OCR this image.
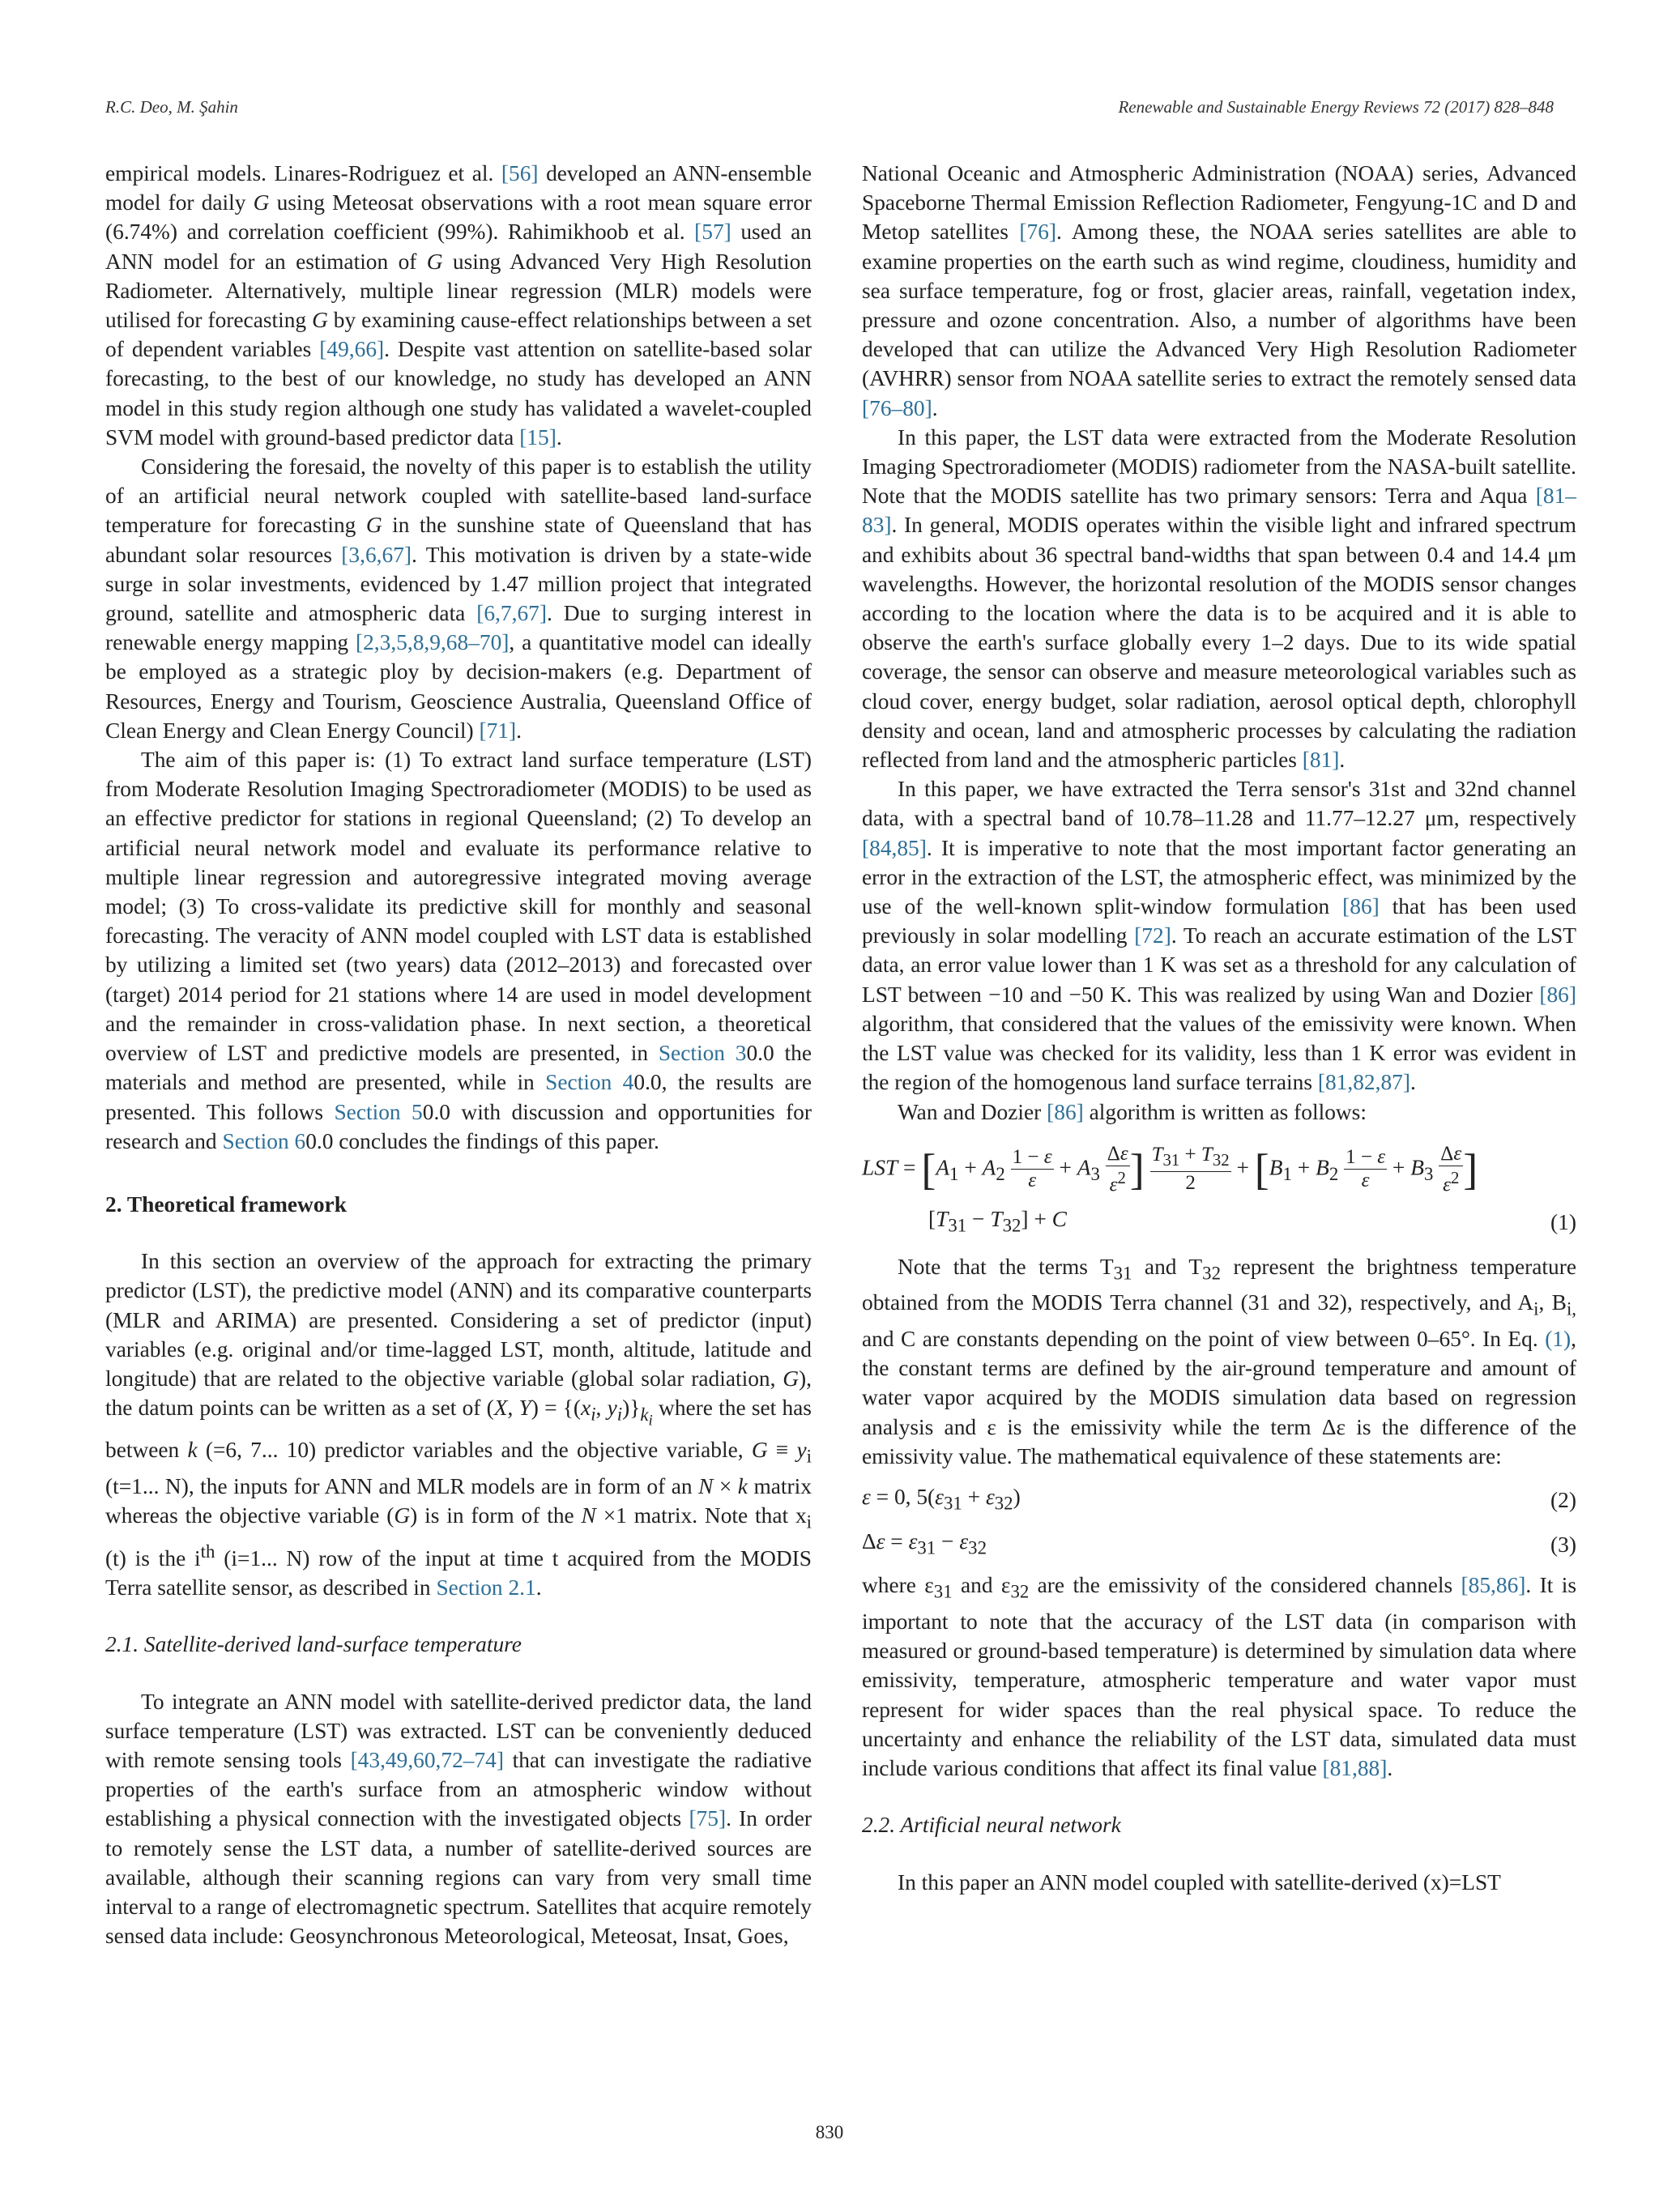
R.C. Deo, M. Şahin	Renewable and Sustainable Energy Reviews 72 (2017) 828–848

empirical models. Linares-Rodriguez et al. [56] developed an ANN-ensemble model for daily G using Meteosat observations with a root mean square error (6.74%) and correlation coefficient (99%). Rahimikhoob et al. [57] used an ANN model for an estimation of G using Advanced Very High Resolution Radiometer. Alternatively, multiple linear regression (MLR) models were utilised for forecasting G by examining cause-effect relationships between a set of dependent variables [49,66]. Despite vast attention on satellite-based solar forecasting, to the best of our knowledge, no study has developed an ANN model in this study region although one study has validated a wavelet-coupled SVM model with ground-based predictor data [15].

Considering the foresaid, the novelty of this paper is to establish the utility of an artificial neural network coupled with satellite-based land-surface temperature for forecasting G in the sunshine state of Queensland that has abundant solar resources [3,6,67]. This motivation is driven by a state-wide surge in solar investments, evidenced by 1.47 million project that integrated ground, satellite and atmospheric data [6,7,67]. Due to surging interest in renewable energy mapping [2,3,5,8,9,68–70], a quantitative model can ideally be employed as a strategic ploy by decision-makers (e.g. Department of Resources, Energy and Tourism, Geoscience Australia, Queensland Office of Clean Energy and Clean Energy Council) [71].

The aim of this paper is: (1) To extract land surface temperature (LST) from Moderate Resolution Imaging Spectroradiometer (MODIS) to be used as an effective predictor for stations in regional Queensland; (2) To develop an artificial neural network model and evaluate its performance relative to multiple linear regression and autoregressive integrated moving average model; (3) To cross-validate its predictive skill for monthly and seasonal forecasting. The veracity of ANN model coupled with LST data is established by utilizing a limited set (two years) data (2012–2013) and forecasted over (target) 2014 period for 21 stations where 14 are used in model development and the remainder in cross-validation phase. In next section, a theoretical overview of LST and predictive models are presented, in Section 30.0 the materials and method are presented, while in Section 40.0, the results are presented. This follows Section 50.0 with discussion and opportunities for research and Section 60.0 concludes the findings of this paper.

2. Theoretical framework

In this section an overview of the approach for extracting the primary predictor (LST), the predictive model (ANN) and its comparative counterparts (MLR and ARIMA) are presented. Considering a set of predictor (input) variables (e.g. original and/or time-lagged LST, month, altitude, latitude and longitude) that are related to the objective variable (global solar radiation, G), the datum points can be written as a set of (X, $Y) = \{(x_i$, $y_i)\}_{k_i}$ where the set has between k (=6, 7... 10) predictor variables and the objective variable, $G \equiv y_i$ (t=1... N), the inputs for ANN and MLR models are in form of an N × k matrix whereas the objective variable (G) is in form of the N ×1 matrix. Note that $x_i$ (t) is the $i^{th}$ (i=1... N) row of the input at time t acquired from the MODIS Terra satellite sensor, as described in Section 2.1.

2.1. Satellite-derived land-surface temperature

To integrate an ANN model with satellite-derived predictor data, the land surface temperature (LST) was extracted. LST can be conveniently deduced with remote sensing tools [43,49,60,72–74] that can investigate the radiative properties of the earth's surface from an atmospheric window without establishing a physical connection with the investigated objects [75]. In order to remotely sense the LST data, a number of satellite-derived sources are available, although their scanning regions can vary from very small time interval to a range of electromagnetic spectrum. Satellites that acquire remotely sensed data include: Geosynchronous Meteorological, Meteosat, Insat, Goes,

National Oceanic and Atmospheric Administration (NOAA) series, Advanced Spaceborne Thermal Emission Reflection Radiometer, Fengyung-1C and D and Metop satellites [76]. Among these, the NOAA series satellites are able to examine properties on the earth such as wind regime, cloudiness, humidity and sea surface temperature, fog or frost, glacier areas, rainfall, vegetation index, pressure and ozone concentration. Also, a number of algorithms have been developed that can utilize the Advanced Very High Resolution Radiometer (AVHRR) sensor from NOAA satellite series to extract the remotely sensed data [76–80].

In this paper, the LST data were extracted from the Moderate Resolution Imaging Spectroradiometer (MODIS) radiometer from the NASA-built satellite. Note that the MODIS satellite has two primary sensors: Terra and Aqua [81–83]. In general, MODIS operates within the visible light and infrared spectrum and exhibits about 36 spectral band-widths that span between 0.4 and 14.4 μm wavelengths. However, the horizontal resolution of the MODIS sensor changes according to the location where the data is to be acquired and it is able to observe the earth's surface globally every 1–2 days. Due to its wide spatial coverage, the sensor can observe and measure meteorological variables such as cloud cover, energy budget, solar radiation, aerosol optical depth, chlorophyll density and ocean, land and atmospheric processes by calculating the radiation reflected from land and the atmospheric particles [81].

In this paper, we have extracted the Terra sensor's 31st and 32nd channel data, with a spectral band of 10.78–11.28 and 11.77–12.27 μm, respectively [84,85]. It is imperative to note that the most important factor generating an error in the extraction of the LST, the atmospheric effect, was minimized by the use of the well-known split-window formulation [86] that has been used previously in solar modelling [72]. To reach an accurate estimation of the LST data, an error value lower than 1 K was set as a threshold for any calculation of LST between −10 and −50 K. This was realized by using Wan and Dozier [86] algorithm, that considered that the values of the emissivity were known. When the LST value was checked for its validity, less than 1 K error was evident in the region of the homogenous land surface terrains [81,82,87].

Wan and Dozier [86] algorithm is written as follows:

LST = [$A_1 + A_2 \frac{1 - \varepsilon}{\varepsilon} + A_3 \frac{\Delta\varepsilon}{\varepsilon^2}$ ] $\frac{T_{31} + T_{32}}{2} + [B_1 + B_2 \frac{1 - \varepsilon}{\varepsilon} + B_3 \frac{\Delta\varepsilon}{\varepsilon^2}$ ]
$[T_{31} - T_{32}] + C$	(1)

Note that the terms $T_{31}$ and $T_{32}$ represent the brightness temperature obtained from the MODIS Terra channel (31 and 32), respectively, and $A_i$, $B_{i,}$ and C are constants depending on the point of view between 0–65°. In Eq. (1), the constant terms are defined by the air-ground temperature and amount of water vapor acquired by the MODIS simulation data based on regression analysis and ε is the emissivity while the term Δε is the difference of the emissivity value. The mathematical equivalence of these statements are:

ε = 0, $5(\varepsilon_{31} + \varepsilon_{32})$	(2)
$\Delta\varepsilon = \varepsilon_{31} - \varepsilon_{32}$	(3)

where $\varepsilon_{31}$ and $\varepsilon_{32}$ are the emissivity of the considered channels [85,86]. It is important to note that the accuracy of the LST data (in comparison with measured or ground-based temperature) is determined by simulation data where emissivity, temperature, atmospheric temperature and water vapor must represent for wider spaces than the real physical space. To reduce the uncertainty and enhance the reliability of the LST data, simulated data must include various conditions that affect its final value [81,88].

2.2. Artificial neural network

In this paper an ANN model coupled with satellite-derived (x)=LST

830
